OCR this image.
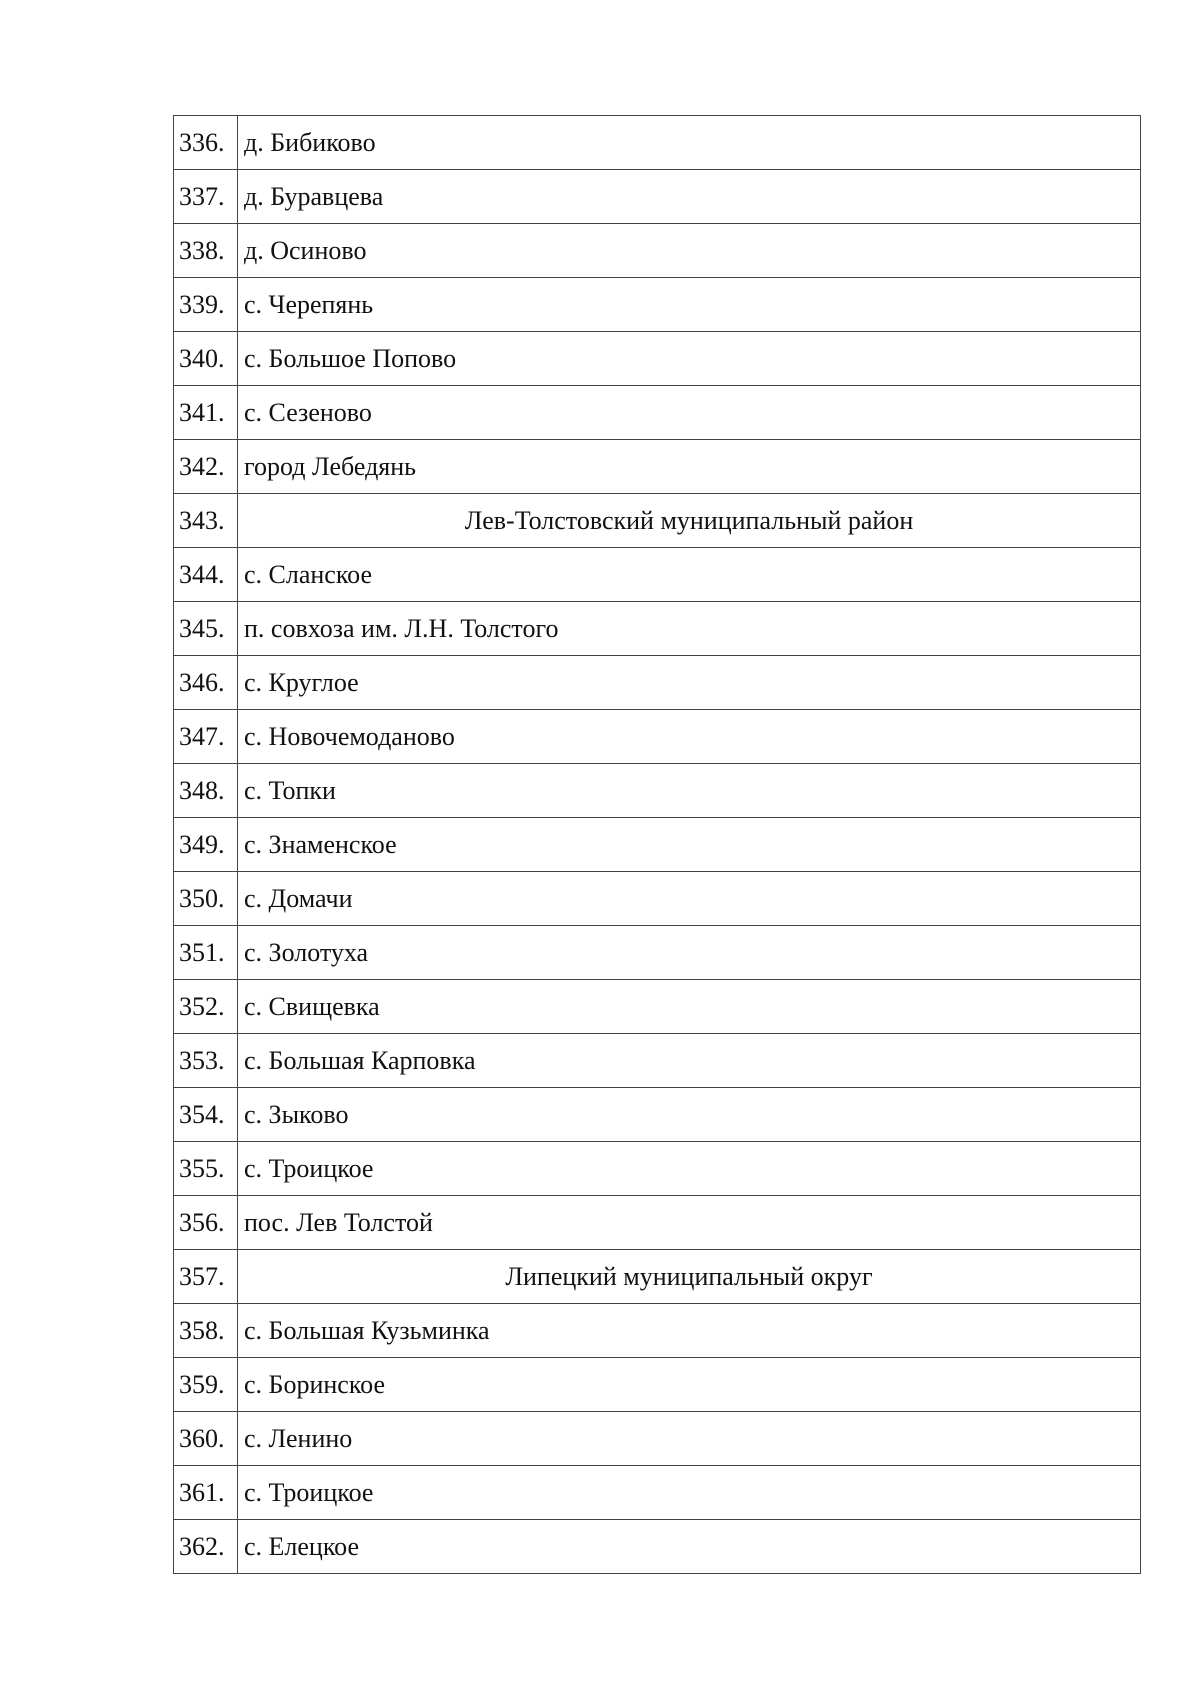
336.	д. Бибиково
337.	д. Буравцева
338.	д. Осиново
339.	с. Черепянь
340.	с. Большое Попово
341.	с. Сезеново
342.	город Лебедянь
343.	Лев-Толстовский муниципальный район
344.	с. Сланское
345.	п. совхоза им. Л.Н. Толстого
346.	с. Круглое
347.	с. Новочемоданово
348.	с. Топки
349.	с. Знаменское
350.	с. Домачи
351.	с. Золотуха
352.	с. Свищевка
353.	с. Большая Карповка
354.	с. Зыково
355.	с. Троицкое
356.	пос. Лев Толстой
357.	Липецкий муниципальный округ
358.	с. Большая Кузьминка
359.	с. Боринское
360.	с. Ленино
361.	с. Троицкое
362.	с. Елецкое
